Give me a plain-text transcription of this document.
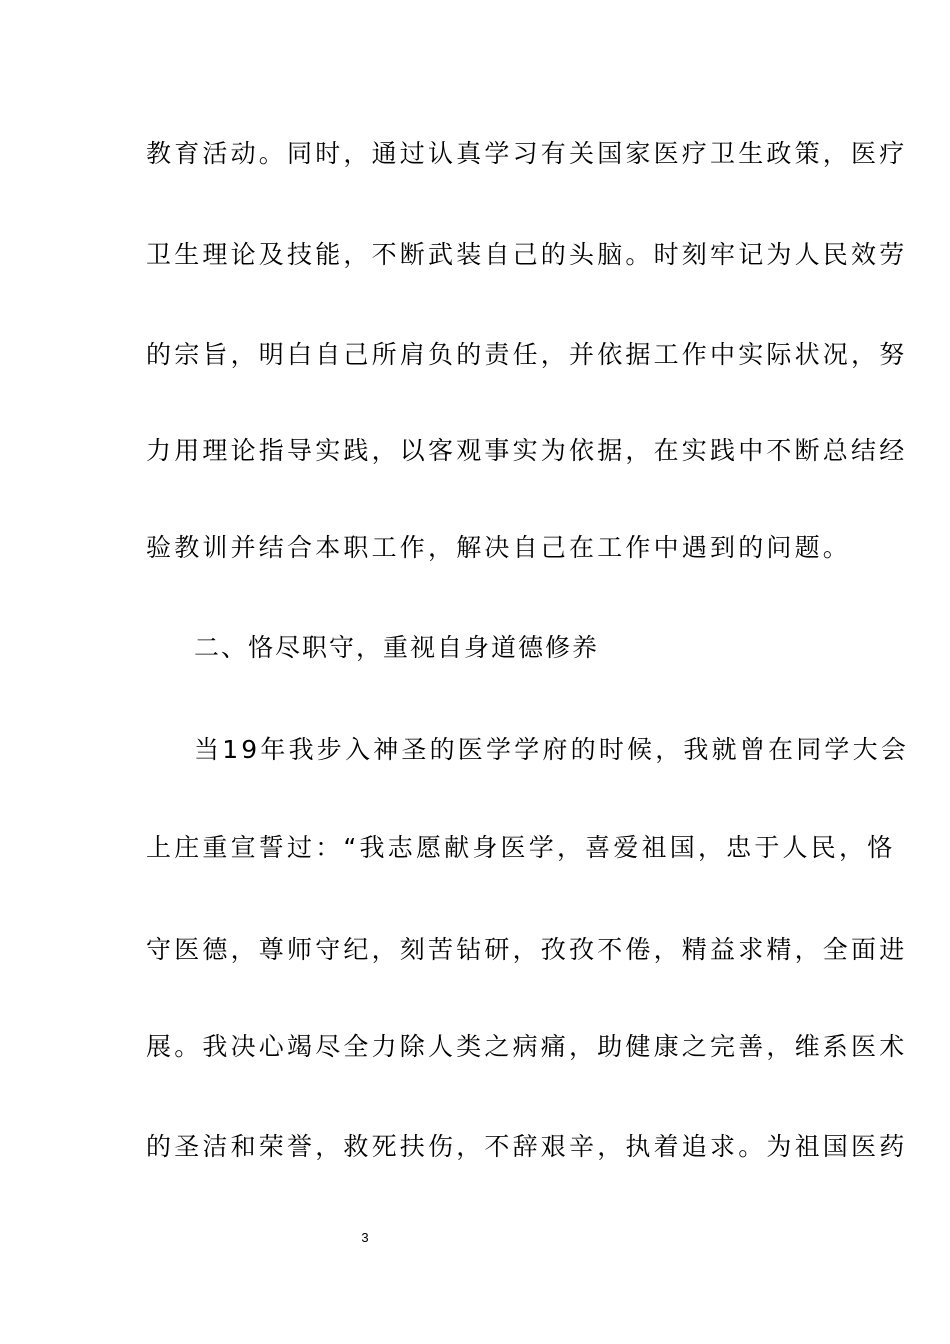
教育活动。同时，通过认真学习有关国家医疗卫生政策，医疗
卫生理论及技能，不断武装自己的头脑。时刻牢记为人民效劳
的宗旨，明白自己所肩负的责任，并依据工作中实际状况，努
力用理论指导实践，以客观事实为依据，在实践中不断总结经
验教训并结合本职工作，解决自己在工作中遇到的问题。
二、恪尽职守，重视自身道德修养
当19年我步入神圣的医学学府的时候，我就曾在同学大会
上庄重宣誓过：“我志愿献身医学，喜爱祖国，忠于人民，恪
守医德，尊师守纪，刻苦钻研，孜孜不倦，精益求精，全面进
展。我决心竭尽全力除人类之病痛，助健康之完善，维系医术
的圣洁和荣誉，救死扶伤，不辞艰辛，执着追求。为祖国医药
3
